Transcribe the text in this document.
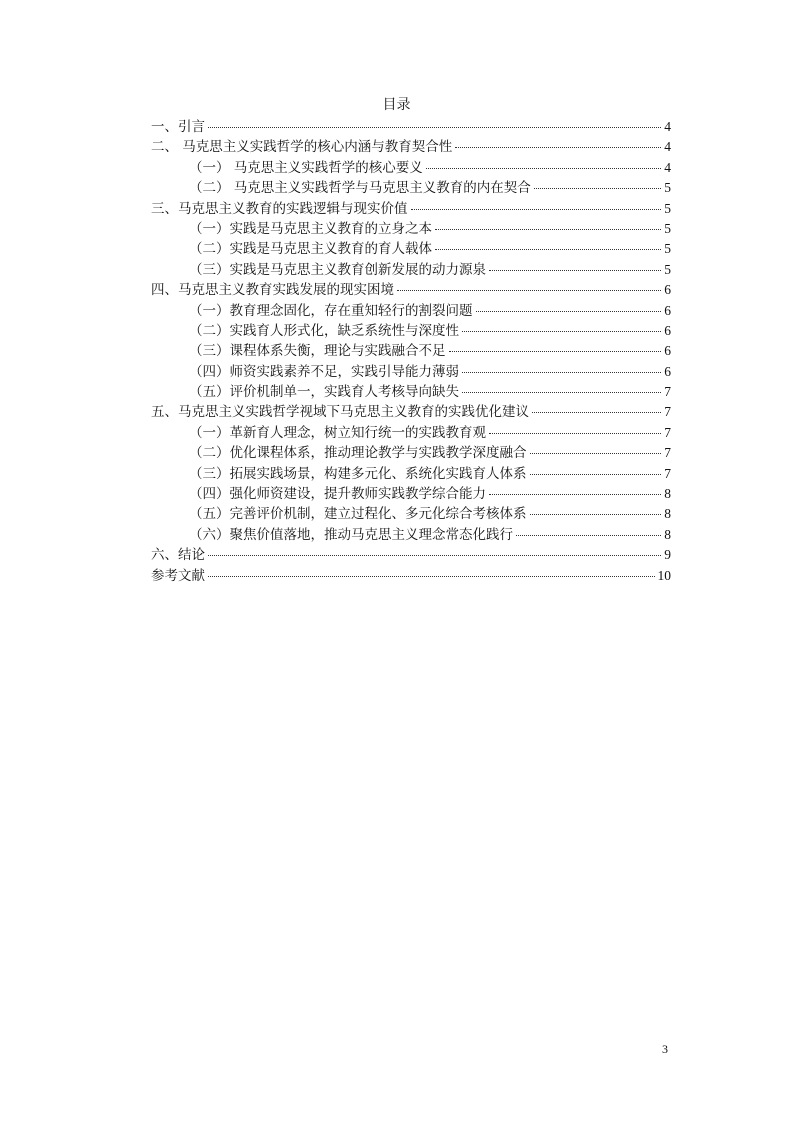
目录
一、引言	4
二、 马克思主义实践哲学的核心内涵与教育契合性	4
（一） 马克思主义实践哲学的核心要义	4
（二） 马克思主义实践哲学与马克思主义教育的内在契合	5
三、马克思主义教育的实践逻辑与现实价值	5
（一）实践是马克思主义教育的立身之本	5
（二）实践是马克思主义教育的育人载体	5
（三）实践是马克思主义教育创新发展的动力源泉	5
四、马克思主义教育实践发展的现实困境	6
（一）教育理念固化，存在重知轻行的割裂问题	6
（二）实践育人形式化，缺乏系统性与深度性	6
（三）课程体系失衡，理论与实践融合不足	6
（四）师资实践素养不足，实践引导能力薄弱	6
（五）评价机制单一，实践育人考核导向缺失	7
五、马克思主义实践哲学视域下马克思主义教育的实践优化建议	7
（一）革新育人理念，树立知行统一的实践教育观	7
（二）优化课程体系，推动理论教学与实践教学深度融合	7
（三）拓展实践场景，构建多元化、系统化实践育人体系	7
（四）强化师资建设，提升教师实践教学综合能力	8
（五）完善评价机制，建立过程化、多元化综合考核体系	8
（六）聚焦价值落地，推动马克思主义理念常态化践行	8
六、结论	9
参考文献	10
3
